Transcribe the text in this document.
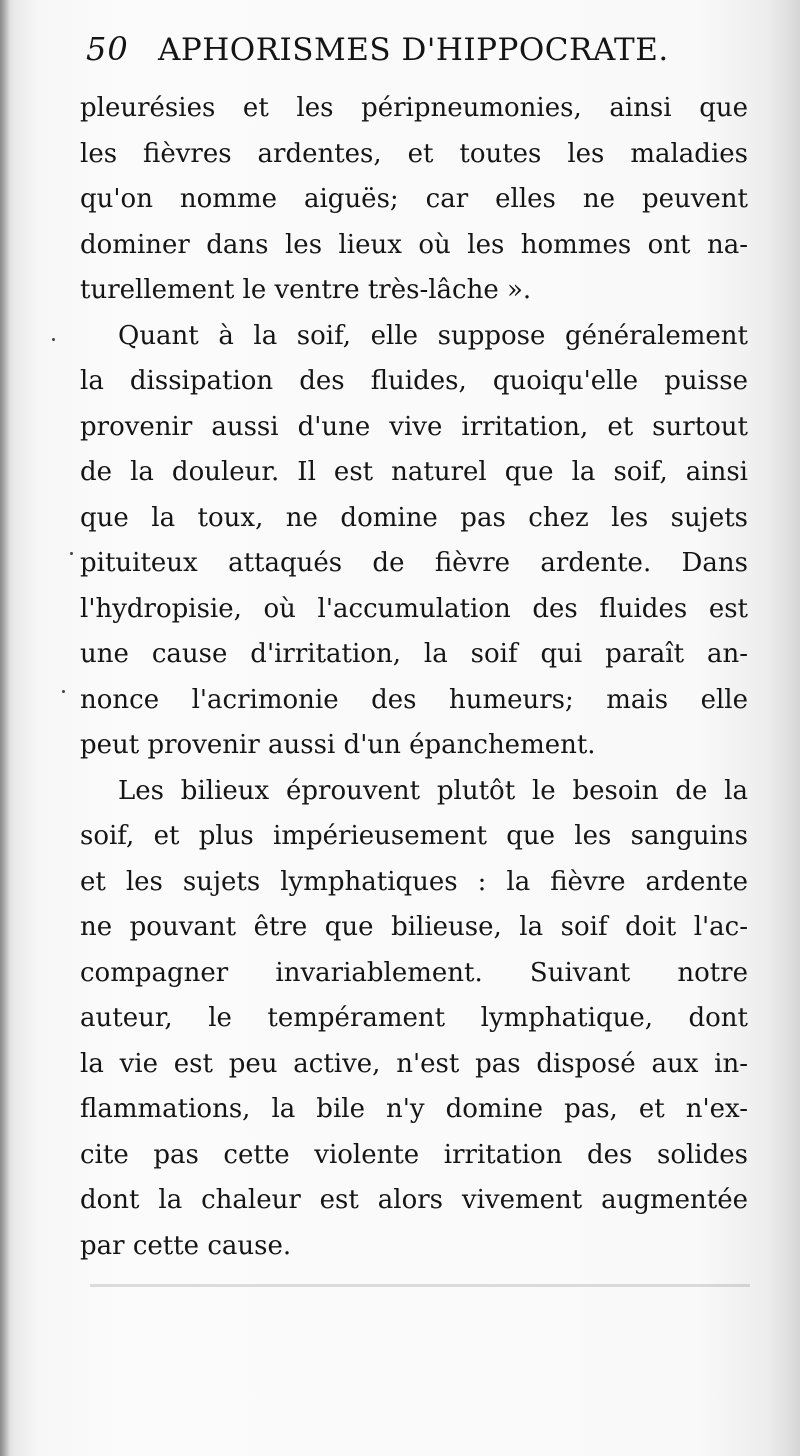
50 APHORISMES D'HIPPOCRATE.
pleurésies et les péripneumonies, ainsi que
les fièvres ardentes, et toutes les maladies
qu'on nomme aiguës; car elles ne peuvent
dominer dans les lieux où les hommes ont na-
turellement le ventre très-lâche ».
Quant à la soif, elle suppose généralement
la dissipation des fluides, quoiqu'elle puisse
provenir aussi d'une vive irritation, et surtout
de la douleur. Il est naturel que la soif, ainsi
que la toux, ne domine pas chez les sujets
pituiteux attaqués de fièvre ardente. Dans
l'hydropisie, où l'accumulation des fluides est
une cause d'irritation, la soif qui paraît an-
nonce l'acrimonie des humeurs; mais elle
peut provenir aussi d'un épanchement.
Les bilieux éprouvent plutôt le besoin de la
soif, et plus impérieusement que les sanguins
et les sujets lymphatiques : la fièvre ardente
ne pouvant être que bilieuse, la soif doit l'ac-
compagner invariablement. Suivant notre
auteur, le tempérament lymphatique, dont
la vie est peu active, n'est pas disposé aux in-
flammations, la bile n'y domine pas, et n'ex-
cite pas cette violente irritation des solides
dont la chaleur est alors vivement augmentée
par cette cause.
